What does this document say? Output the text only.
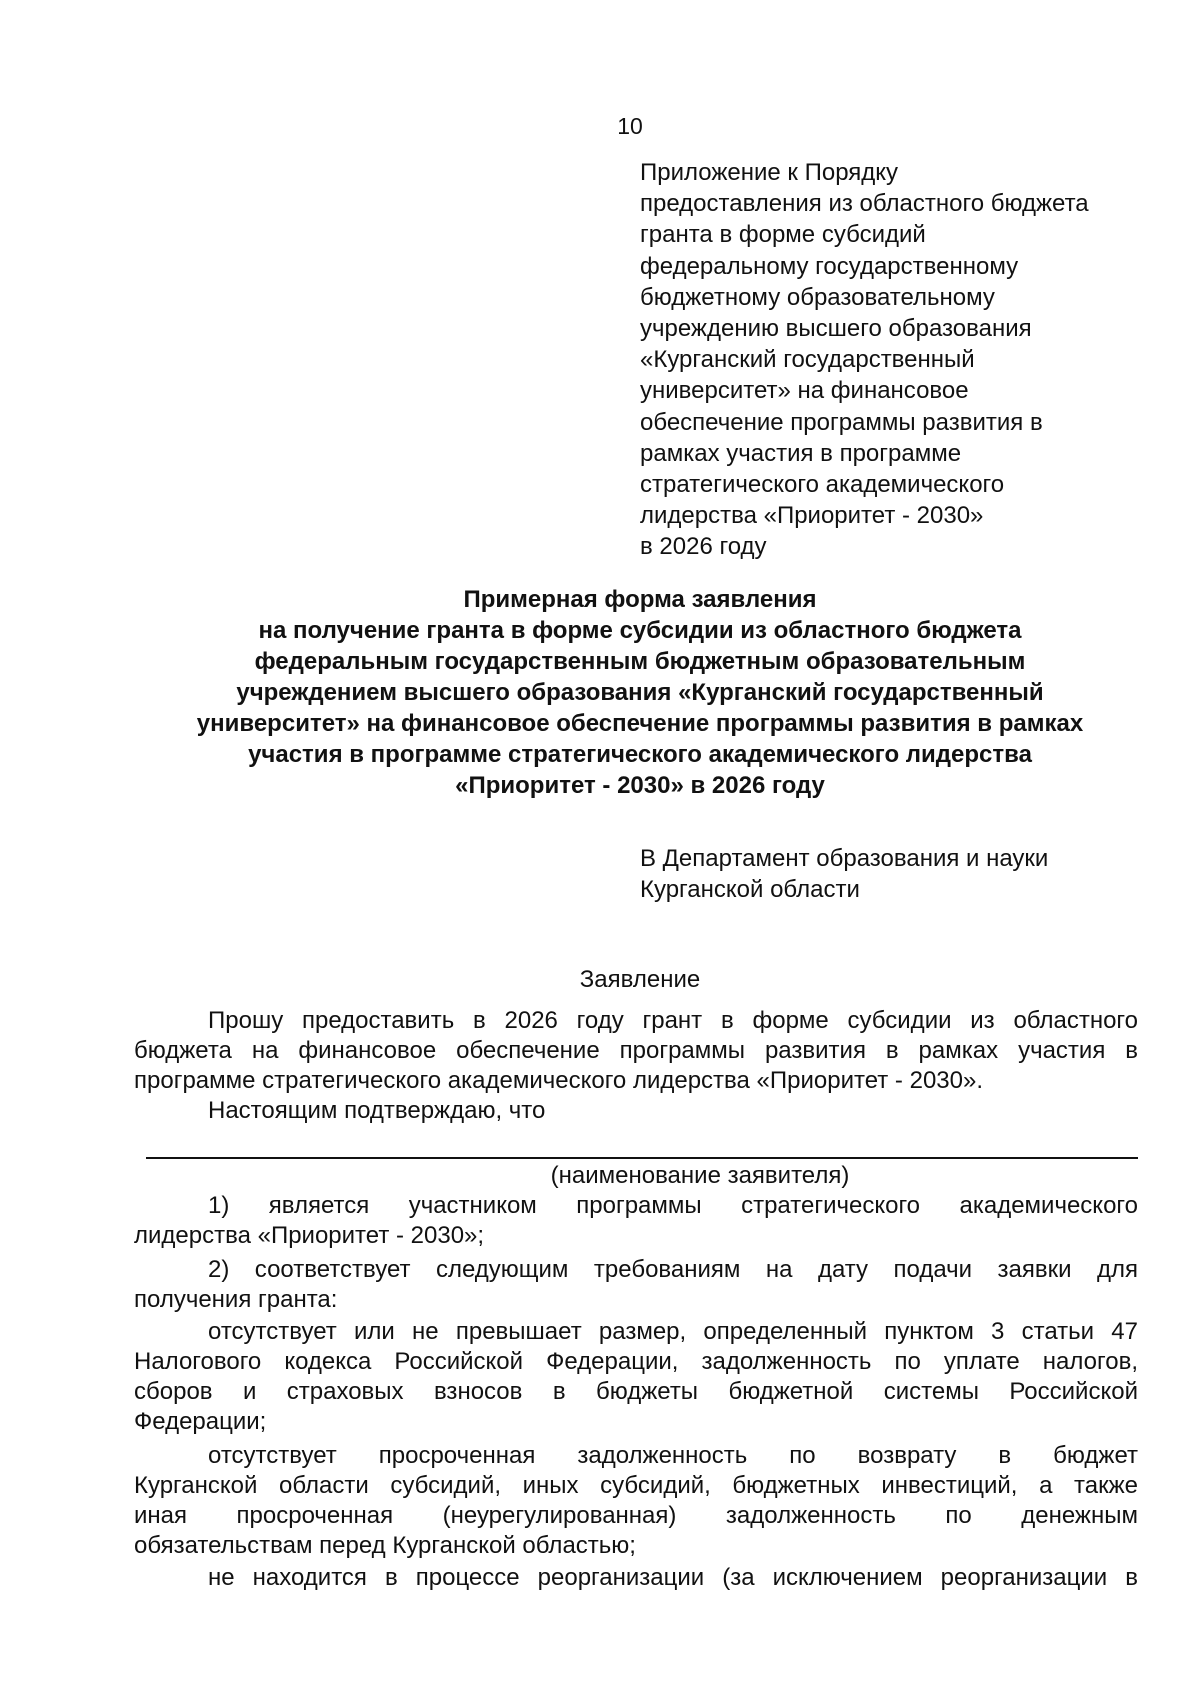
10
Приложение к Порядку
предоставления из областного бюджета
гранта в форме субсидий
федеральному государственному
бюджетному образовательному
учреждению высшего образования
«Курганский государственный
университет» на финансовое
обеспечение программы развития в
рамках участия в программе
стратегического академического
лидерства «Приоритет - 2030»
в 2026 году
Примерная форма заявления
на получение гранта в форме субсидии из областного бюджета
федеральным государственным бюджетным образовательным
учреждением высшего образования «Курганский государственный
университет» на финансовое обеспечение программы развития в рамках
участия в программе стратегического академического лидерства
«Приоритет - 2030» в 2026 году
В Департамент образования и науки
Курганской области
Заявление
Прошу предоставить в 2026 году грант в форме субсидии из областного
бюджета на финансовое обеспечение программы развития в рамках участия в
программе стратегического академического лидерства «Приоритет - 2030».
Настоящим подтверждаю, что
(наименование заявителя)
1) является участником программы стратегического академического
лидерства «Приоритет - 2030»;
2) соответствует следующим требованиям на дату подачи заявки для
получения гранта:
отсутствует или не превышает размер, определенный пунктом 3 статьи 47
Налогового кодекса Российской Федерации, задолженность по уплате налогов,
сборов и страховых взносов в бюджеты бюджетной системы Российской
Федерации;
отсутствует просроченная задолженность по возврату в бюджет
Курганской области субсидий, иных субсидий, бюджетных инвестиций, а также
иная просроченная (неурегулированная) задолженность по денежным
обязательствам перед Курганской областью;
не находится в процессе реорганизации (за исключением реорганизации в
